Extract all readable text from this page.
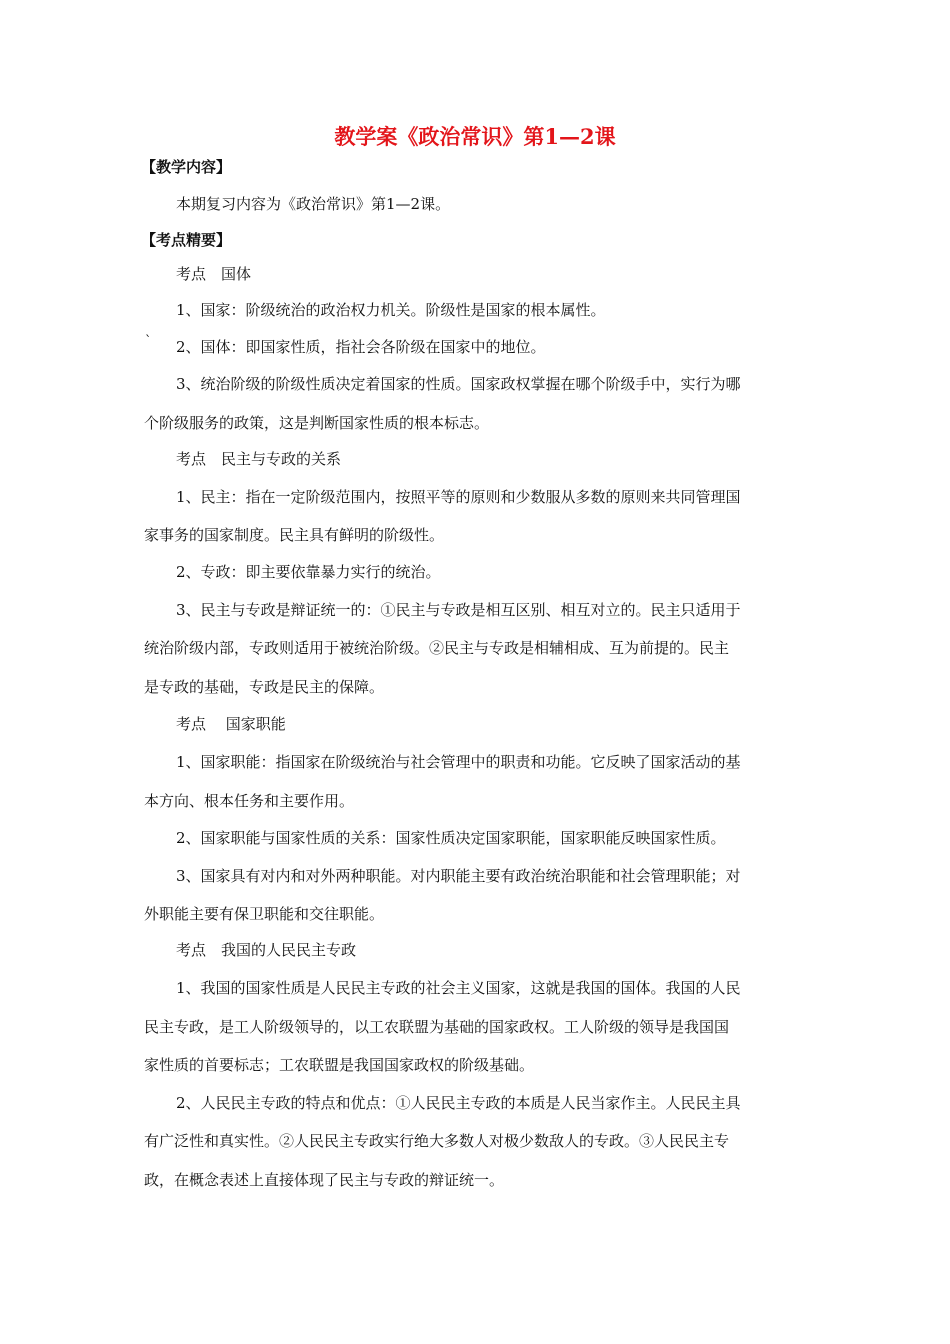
教学案《政治常识》第1—2课
【教学内容】
本期复习内容为《政治常识》第1—2课。
【考点精要】
考点　国体
1、国家：阶级统治的政治权力机关。阶级性是国家的根本属性。
` 2、国体：即国家性质，指社会各阶级在国家中的地位。
3、统治阶级的阶级性质决定着国家的性质。国家政权掌握在哪个阶级手中，实行为哪
个阶级服务的政策，这是判断国家性质的根本标志。
考点　民主与专政的关系
1、民主：指在一定阶级范围内，按照平等的原则和少数服从多数的原则来共同管理国
家事务的国家制度。民主具有鲜明的阶级性。
2、专政：即主要依靠暴力实行的统治。
3、民主与专政是辩证统一的：①民主与专政是相互区别、相互对立的。民主只适用于
统治阶级内部，专政则适用于被统治阶级。②民主与专政是相辅相成、互为前提的。民主
是专政的基础，专政是民主的保障。
考点　 国家职能
1、国家职能：指国家在阶级统治与社会管理中的职责和功能。它反映了国家活动的基
本方向、根本任务和主要作用。
2、国家职能与国家性质的关系：国家性质决定国家职能，国家职能反映国家性质。
3、国家具有对内和对外两种职能。对内职能主要有政治统治职能和社会管理职能；对
外职能主要有保卫职能和交往职能。
考点　我国的人民民主专政
1、我国的国家性质是人民民主专政的社会主义国家，这就是我国的国体。我国的人民
民主专政，是工人阶级领导的，以工农联盟为基础的国家政权。工人阶级的领导是我国国
家性质的首要标志；工农联盟是我国国家政权的阶级基础。
2、人民民主专政的特点和优点：①人民民主专政的本质是人民当家作主。人民民主具
有广泛性和真实性。②人民民主专政实行绝大多数人对极少数敌人的专政。③人民民主专
政，在概念表述上直接体现了民主与专政的辩证统一。
